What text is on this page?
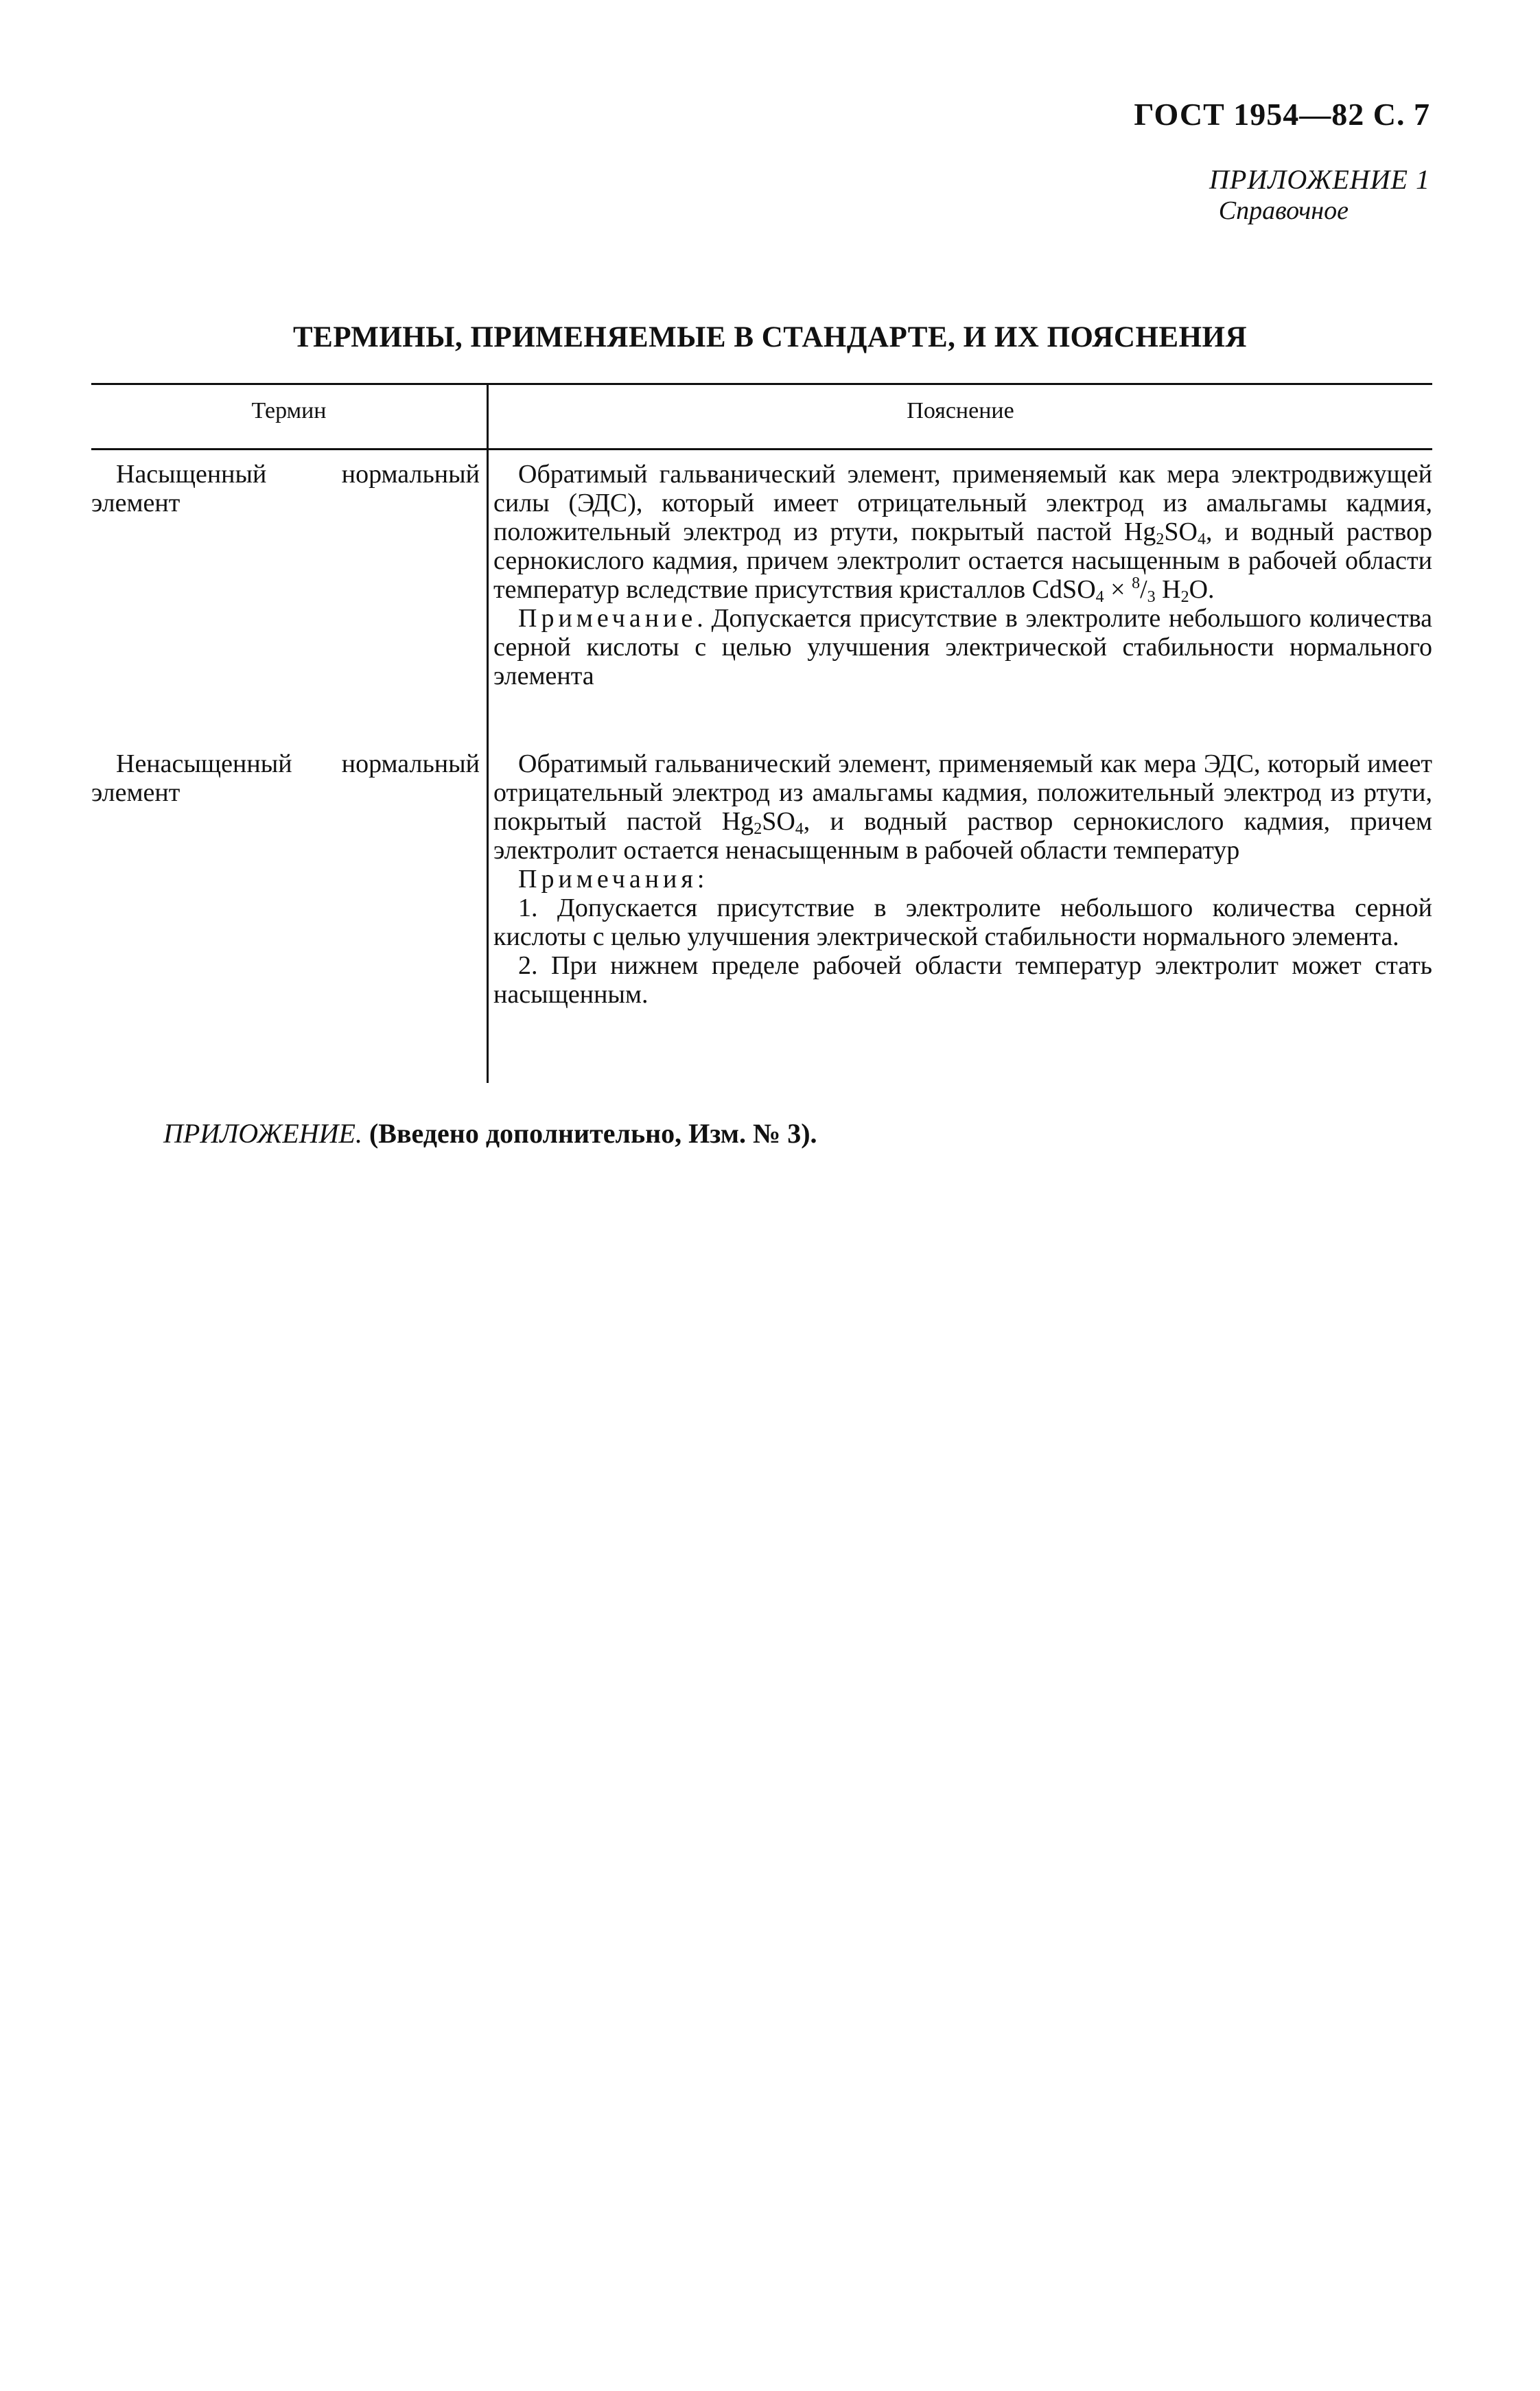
ГОСТ 1954—82 С. 7
ПРИЛОЖЕНИЕ 1
Справочное
ТЕРМИНЫ, ПРИМЕНЯЕМЫЕ В СТАНДАРТЕ, И ИХ ПОЯСНЕНИЯ
Термин	Пояснение
Насыщенный нормальный
элемент

Обратимый гальванический элемент, применяемый как мера электродвижущей силы (ЭДС), который имеет отрицательный электрод из амальгамы кадмия, положительный электрод из ртути, покрытый пастой $Hg_2SO_4$, и водный раствор сернокислого кадмия, причем электролит остается насыщенным в рабочей области температур вследствие присутствия кристаллов CdSO$_4$ × $^8/_3$ $H_2O$.

Примечание. Допускается присутствие в электролите небольшого количества серной кислоты с целью улучшения электрической стабильности нормального элемента

Ненасыщенный нормальный
элемент

Обратимый гальванический элемент, применяемый как мера ЭДС, который имеет отрицательный электрод из амальгамы кадмия, положительный электрод из ртути, покрытый пастой $Hg_2SO_4$, и водный раствор сернокислого кадмия, причем электролит остается ненасыщенным в рабочей области температур

Примечания:

1. Допускается присутствие в электролите небольшого количества серной кислоты с целью улучшения электрической стабильности нормального элемента.

2. При нижнем пределе рабочей области температур электролит может стать насыщенным.

ПРИЛОЖЕНИЕ. (Введено дополнительно, Изм. № 3).
